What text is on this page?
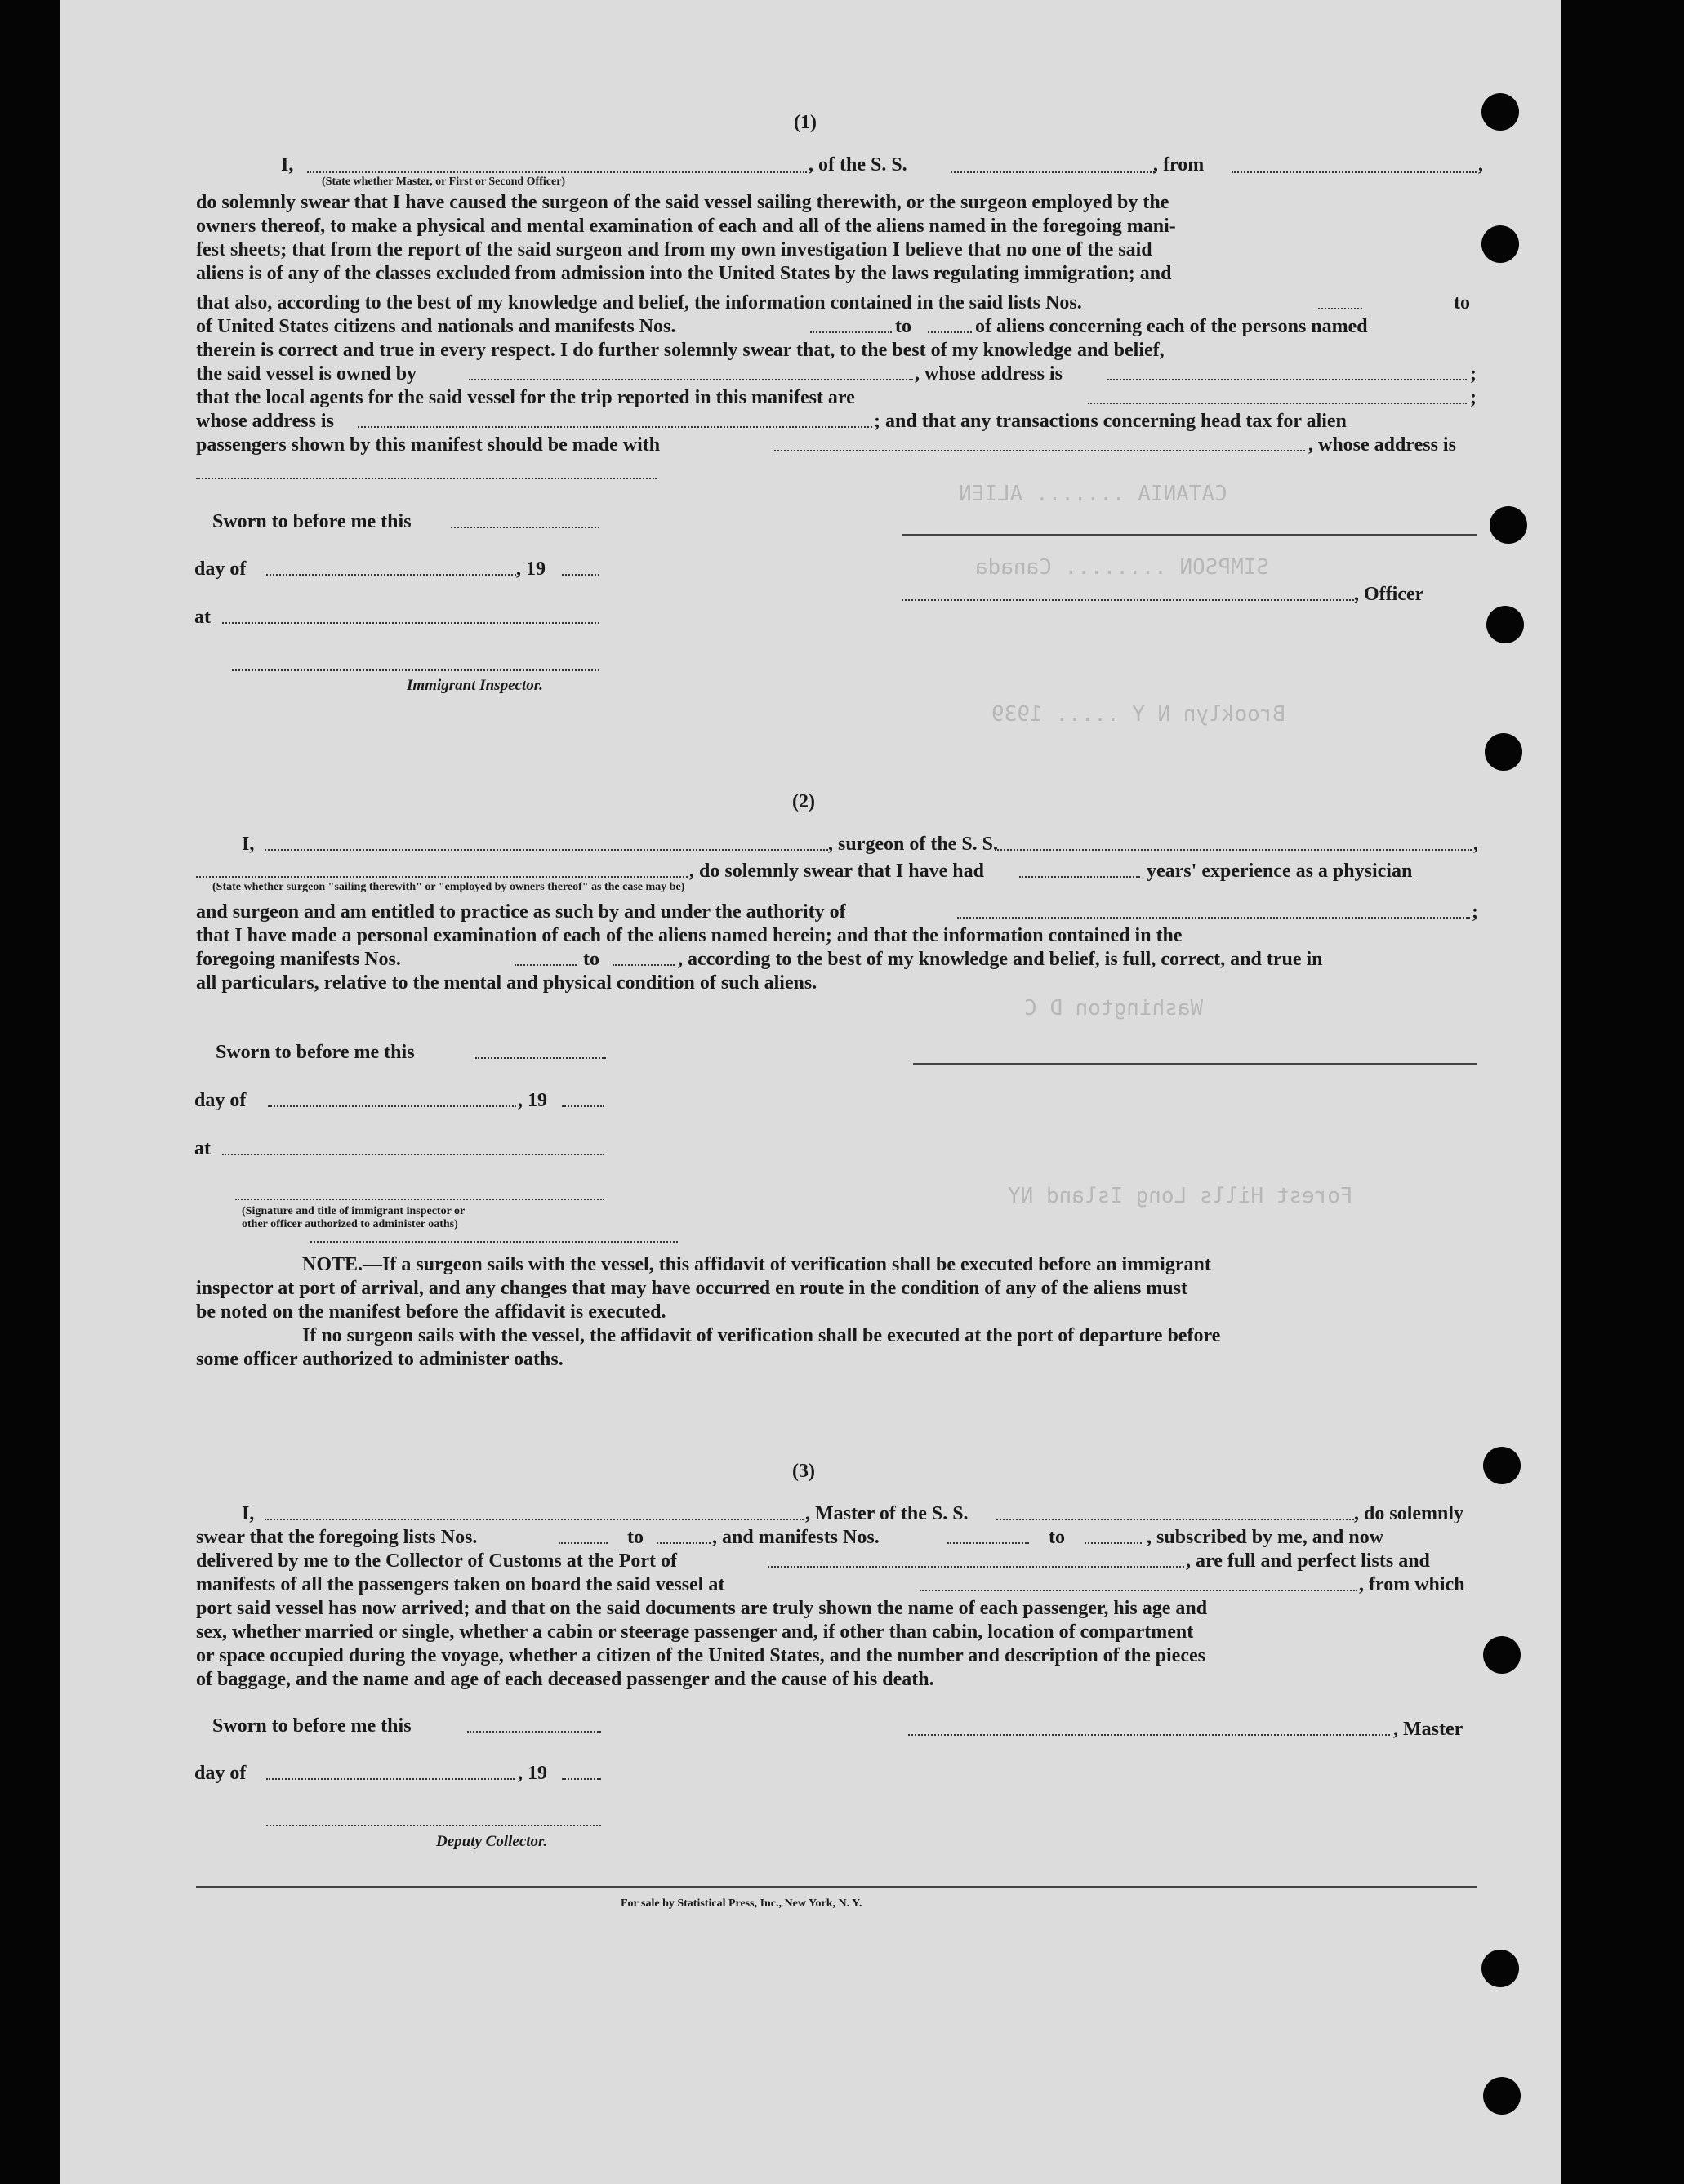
CATANIA ....... ALIEN
SIMPSON ........ Canada
Brooklyn N Y ..... 1939
Washington D C
Forest Hills Long Island NY
(1)
I,	, of the S. S.	, from	,
(State whether Master, or First or Second Officer)
do solemnly swear that I have caused the surgeon of the said vessel sailing therewith, or the surgeon employed by the
owners thereof, to make a physical and mental examination of each and all of the aliens named in the foregoing mani-
fest sheets; that from the report of the said surgeon and from my own investigation I believe that no one of the said
aliens is of any of the classes excluded from admission into the United States by the laws regulating immigration; and
that also, according to the best of my knowledge and belief, the information contained in the said lists Nos.	to
of United States citizens and nationals and manifests Nos.	to	of aliens concerning each of the persons named
therein is correct and true in every respect. I do further solemnly swear that, to the best of my knowledge and belief,
the said vessel is owned by	, whose address is	;
that the local agents for the said vessel for the trip reported in this manifest are	;
whose address is	; and that any transactions concerning head tax for alien
passengers shown by this manifest should be made with	, whose address is
Sworn to before me this
day of	, 19
, Officer
at
Immigrant Inspector.
(2)
I,	, surgeon of the S. S.	,
, do solemnly swear that I have had	years' experience as a physician
(State whether surgeon "sailing therewith" or "employed by owners thereof" as the case may be)
and surgeon and am entitled to practice as such by and under the authority of	;
that I have made a personal examination of each of the aliens named herein; and that the information contained in the
foregoing manifests Nos.	to	, according to the best of my knowledge and belief, is full, correct, and true in
all particulars, relative to the mental and physical condition of such aliens.
Sworn to before me this
day of	, 19
at
(Signature and title of immigrant inspector or
other officer authorized to administer oaths)
NOTE.—If a surgeon sails with the vessel, this affidavit of verification shall be executed before an immigrant
inspector at port of arrival, and any changes that may have occurred en route in the condition of any of the aliens must
be noted on the manifest before the affidavit is executed.
If no surgeon sails with the vessel, the affidavit of verification shall be executed at the port of departure before
some officer authorized to administer oaths.
(3)
I,	, Master of the S. S.	, do solemnly
swear that the foregoing lists Nos.	to	, and manifests Nos.	to	, subscribed by me, and now
delivered by me to the Collector of Customs at the Port of	, are full and perfect lists and
manifests of all the passengers taken on board the said vessel at	, from which
port said vessel has now arrived; and that on the said documents are truly shown the name of each passenger, his age and
sex, whether married or single, whether a cabin or steerage passenger and, if other than cabin, location of compartment
or space occupied during the voyage, whether a citizen of the United States, and the number and description of the pieces
of baggage, and the name and age of each deceased passenger and the cause of his death.
Sworn to before me this	, Master
day of	, 19
Deputy Collector.
For sale by Statistical Press, Inc., New York, N. Y.
